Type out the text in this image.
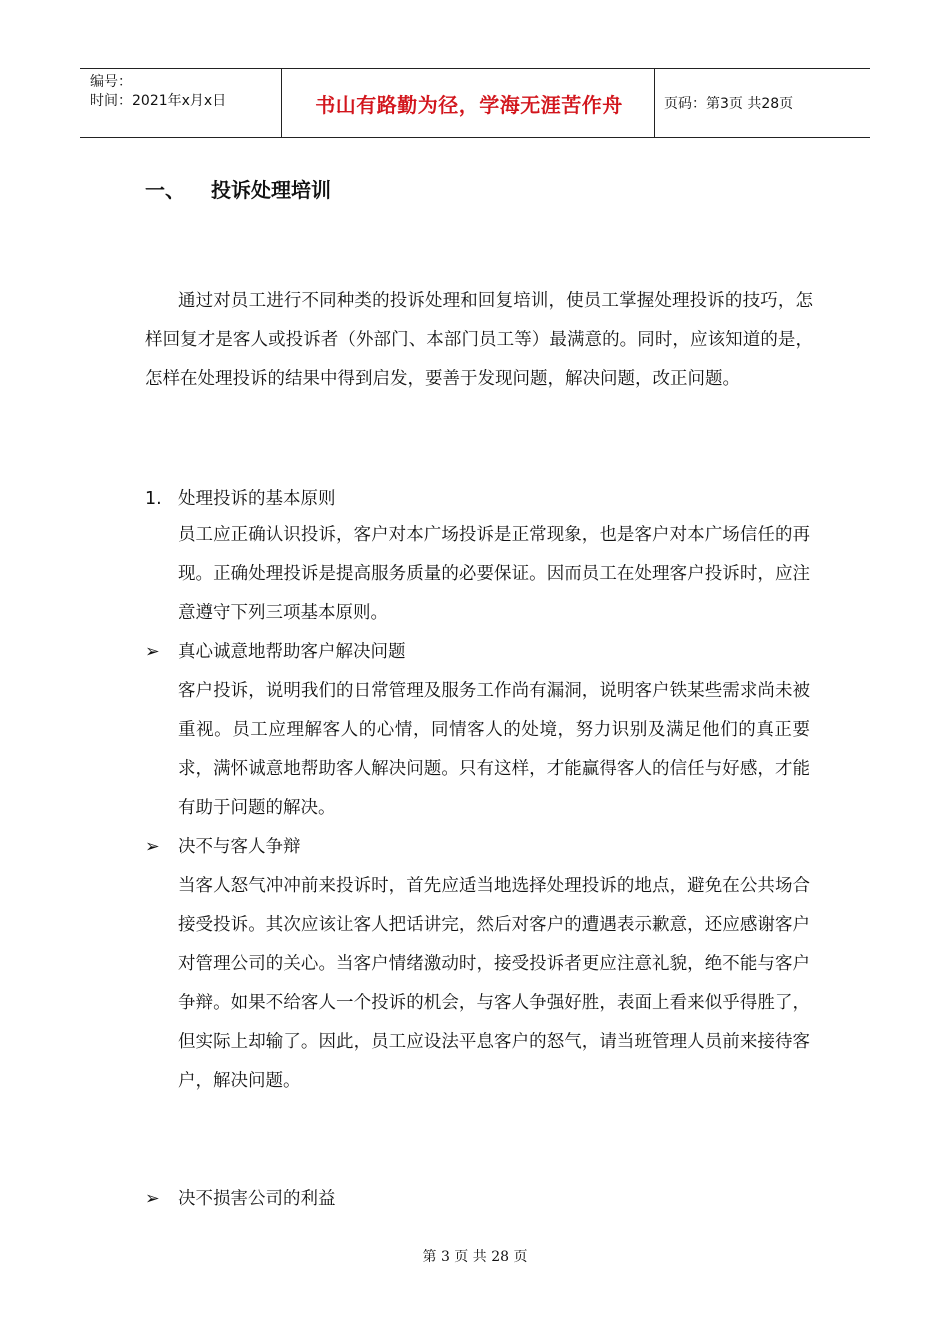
编号：
时间：2021年x月x日	书山有路勤为径，学海无涯苦作舟	页码：第3页 共28页
一、 投诉处理培训
通过对员工进行不同种类的投诉处理和回复培训，使员工掌握处理投诉的技巧，怎样回复才是客人或投诉者（外部门、本部门员工等）最满意的。同时，应该知道的是，怎样在处理投诉的结果中得到启发，要善于发现问题，解决问题，改正问题。
1. 处理投诉的基本原则
员工应正确认识投诉，客户对本广场投诉是正常现象，也是客户对本广场信任的再现。正确处理投诉是提高服务质量的必要保证。因而员工在处理客户投诉时，应注意遵守下列三项基本原则。
➢ 真心诚意地帮助客户解决问题
客户投诉，说明我们的日常管理及服务工作尚有漏洞，说明客户铁某些需求尚未被重视。员工应理解客人的心情，同情客人的处境，努力识别及满足他们的真正要求，满怀诚意地帮助客人解决问题。只有这样，才能赢得客人的信任与好感，才能有助于问题的解决。
➢ 决不与客人争辩
当客人怒气冲冲前来投诉时，首先应适当地选择处理投诉的地点，避免在公共场合接受投诉。其次应该让客人把话讲完，然后对客户的遭遇表示歉意，还应感谢客户对管理公司的关心。当客户情绪激动时，接受投诉者更应注意礼貌，绝不能与客户争辩。如果不给客人一个投诉的机会，与客人争强好胜，表面上看来似乎得胜了，但实际上却输了。因此，员工应设法平息客户的怒气，请当班管理人员前来接待客户，解决问题。
➢ 决不损害公司的利益
第 3 页 共 28 页
